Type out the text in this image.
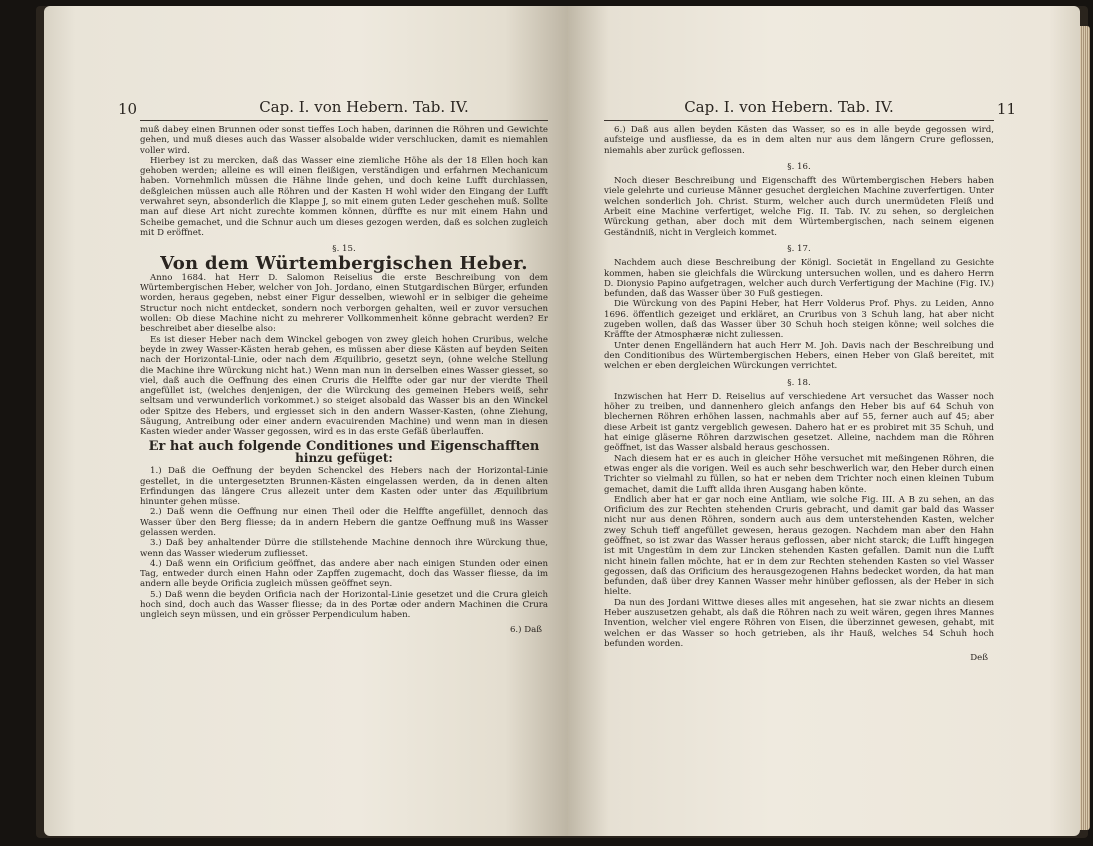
10	Cap. I. von Hebern. Tab. IV.

muß dabey einen Brunnen oder sonst tieffes Loch haben, darinnen die Röhren und Gewichte gehen, und muß dieses auch das Wasser alsobalde wider verschlucken, damit es niemahlen voller wird.

Hierbey ist zu mercken, daß das Wasser eine ziemliche Höhe als der 18 Ellen hoch kan gehoben werden; alleine es will einen fleißigen, verständigen und erfahrnen Mechanicum haben. Vornehmlich müssen die Hähne linde gehen, und doch keine Lufft durchlassen, deßgleichen müssen auch alle Röhren und der Kasten H wohl wider den Eingang der Lufft verwahret seyn, absonderlich die Klappe J, so mit einem guten Leder geschehen muß. Sollte man auf diese Art nicht zurechte kommen können, dürffte es nur mit einem Hahn und Scheibe gemachet, und die Schnur auch um dieses gezogen werden, daß es solchen zugleich mit D eröffnet.

§. 15.
Von dem Würtembergischen Heber.

Anno 1684. hat Herr D. Salomon Reiselius die erste Beschreibung von dem Würtembergischen Heber, welcher von Joh. Jordano, einen Stutgardischen Bürger, erfunden worden, heraus gegeben, nebst einer Figur desselben, wiewohl er in selbiger die geheime Structur noch nicht entdecket, sondern noch verborgen gehalten, weil er zuvor versuchen wollen: Ob diese Machine nicht zu mehrerer Vollkommenheit könne gebracht werden? Er beschreibet aber dieselbe also:

Es ist dieser Heber nach dem Winckel gebogen von zwey gleich hohen Cruribus, welche beyde in zwey Wasser-Kästen herab gehen, es müssen aber diese Kästen auf beyden Seiten nach der Horizontal-Linie, oder nach dem Æquilibrio, gesetzt seyn, (ohne welche Stellung die Machine ihre Würckung nicht hat.) Wenn man nun in derselben eines Wasser giesset, so viel, daß auch die Oeffnung des einen Cruris die Helffte oder gar nur der vierdte Theil angefüllet ist, (welches denjenigen, der die Würckung des gemeinen Hebers weiß, sehr seltsam und verwunderlich vorkommet.) so steiget alsobald das Wasser bis an den Winckel oder Spitze des Hebers, und ergiesset sich in den andern Wasser-Kasten, (ohne Ziehung, Säugung, Antreibung oder einer andern evacuirenden Machine) und wenn man in diesen Kasten wieder ander Wasser gegossen, wird es in das erste Gefäß überlauffen.

Er hat auch folgende Conditiones und Eigenschafften
hinzu gefüget:

1.) Daß die Oeffnung der beyden Schenckel des Hebers nach der Horizontal-Linie gestellet, in die untergesetzten Brunnen-Kästen eingelassen werden, da in denen alten Erfindungen das längere Crus allezeit unter dem Kasten oder unter das Æquilibrium hinunter gehen müsse.

2.) Daß wenn die Oeffnung nur einen Theil oder die Helffte angefüllet, dennoch das Wasser über den Berg fliesse; da in andern Hebern die gantze Oeffnung muß ins Wasser gelassen werden.

3.) Daß bey anhaltender Dürre die stillstehende Machine dennoch ihre Würckung thue, wenn das Wasser wiederum zufliesset.

4.) Daß wenn ein Orificium geöffnet, das andere aber nach einigen Stunden oder einen Tag, entweder durch einen Hahn oder Zapffen zugemacht, doch das Wasser fliesse, da im andern alle beyde Orificia zugleich müssen geöffnet seyn.

5.) Daß wenn die beyden Orificia nach der Horizontal-Linie gesetzet und die Crura gleich hoch sind, doch auch das Wasser fliesse; da in des Portæ oder andern Machinen die Crura ungleich seyn müssen, und ein grösser Perpendiculum haben.

6.) Daß
Cap. I. von Hebern. Tab. IV.	11

6.) Daß aus allen beyden Kästen das Wasser, so es in alle beyde gegossen wird, aufsteige und ausfliesse, da es in dem alten nur aus dem längern Crure geflossen, niemahls aber zurück geflossen.

§. 16.

Noch dieser Beschreibung und Eigenschafft des Würtembergischen Hebers haben viele gelehrte und curieuse Männer gesuchet dergleichen Machine zuverfertigen. Unter welchen sonderlich Joh. Christ. Sturm, welcher auch durch unermüdeten Fleiß und Arbeit eine Machine verfertiget, welche Fig. II. Tab. IV. zu sehen, so dergleichen Würckung gethan, aber doch mit dem Würtembergischen, nach seinem eigenen Geständniß, nicht in Vergleich kommet.

§. 17.

Nachdem auch diese Beschreibung der Königl. Societät in Engelland zu Gesichte kommen, haben sie gleichfals die Würckung untersuchen wollen, und es dahero Herrn D. Dionysio Papino aufgetragen, welcher auch durch Verfertigung der Machine (Fig. IV.) befunden, daß das Wasser über 30 Fuß gestiegen.

Die Würckung von des Papini Heber, hat Herr Volderus Prof. Phys. zu Leiden, Anno 1696. öffentlich gezeiget und erkläret, an Cruribus von 3 Schuh lang, hat aber nicht zugeben wollen, daß das Wasser über 30 Schuh hoch steigen könne; weil solches die Kräffte der Atmosphæræ nicht zuliessen.

Unter denen Engelländern hat auch Herr M. Joh. Davis nach der Beschreibung und den Conditionibus des Würtembergischen Hebers, einen Heber von Glaß bereitet, mit welchen er eben dergleichen Würckungen verrichtet.

§. 18.

Inzwischen hat Herr D. Reiselius auf verschiedene Art versuchet das Wasser noch höher zu treiben, und dannenhero gleich anfangs den Heber bis auf 64 Schuh von blechernen Röhren erhöhen lassen, nachmahls aber auf 55, ferner auch auf 45; aber diese Arbeit ist gantz vergeblich gewesen. Dahero hat er es probiret mit 35 Schuh, und hat einige gläserne Röhren darzwischen gesetzet. Alleine, nachdem man die Röhren geöffnet, ist das Wasser alsbald heraus geschossen.

Nach diesem hat er es auch in gleicher Höhe versuchet mit meßingenen Röhren, die etwas enger als die vorigen. Weil es auch sehr beschwerlich war, den Heber durch einen Trichter so vielmahl zu füllen, so hat er neben dem Trichter noch einen kleinen Tubum gemachet, damit die Lufft allda ihren Ausgang haben könte.

Endlich aber hat er gar noch eine Antliam, wie solche Fig. III. A B zu sehen, an das Orificium des zur Rechten stehenden Cruris gebracht, und damit gar bald das Wasser nicht nur aus denen Röhren, sondern auch aus dem unterstehenden Kasten, welcher zwey Schuh tieff angefüllet gewesen, heraus gezogen. Nachdem man aber den Hahn geöffnet, so ist zwar das Wasser heraus geflossen, aber nicht starck; die Lufft hingegen ist mit Ungestüm in dem zur Lincken stehenden Kasten gefallen. Damit nun die Lufft nicht hinein fallen möchte, hat er in dem zur Rechten stehenden Kasten so viel Wasser gegossen, daß das Orificium des herausgezogenen Hahns bedecket worden, da hat man befunden, daß über drey Kannen Wasser mehr hinüber geflossen, als der Heber in sich hielte.

Da nun des Jordani Wittwe dieses alles mit angesehen, hat sie zwar nichts an diesem Heber auszusetzen gehabt, als daß die Röhren nach zu weit wären, gegen ihres Mannes Invention, welcher viel engere Röhren von Eisen, die überzinnet gewesen, gehabt, mit welchen er das Wasser so hoch getrieben, als ihr Hauß, welches 54 Schuh hoch befunden worden.

Deß
